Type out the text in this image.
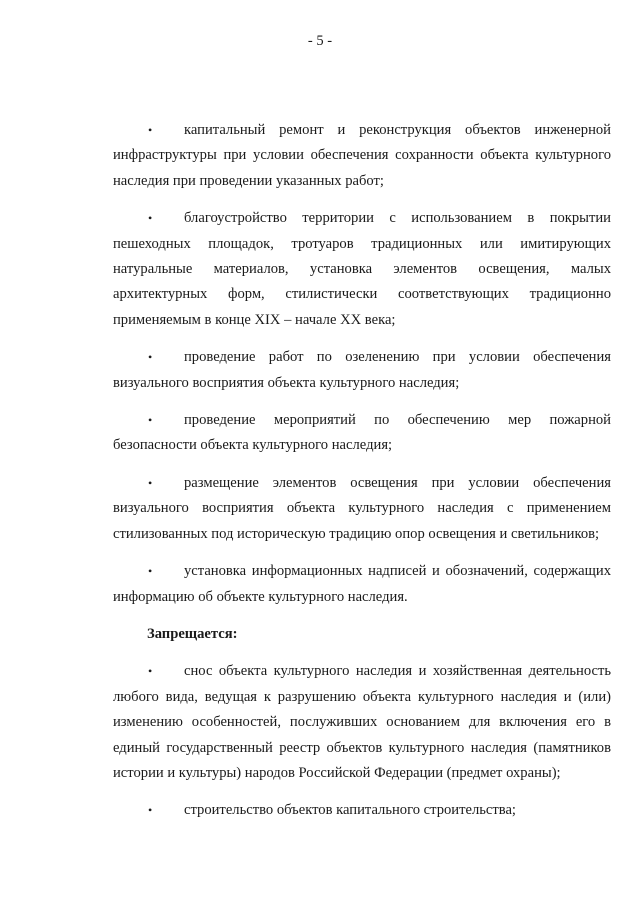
- 5 -

• капитальный ремонт и реконструкция объектов инженерной инфраструктуры при условии обеспечения сохранности объекта культурного наследия при проведении указанных работ;

• благоустройство территории с использованием в покрытии пешеходных площадок, тротуаров традиционных или имитирующих натуральные материалов, установка элементов освещения, малых архитектурных форм, стилистически соответствующих традиционно применяемым в конце XIX – начале XX века;

• проведение работ по озеленению при условии обеспечения визуального восприятия объекта культурного наследия;

• проведение мероприятий по обеспечению мер пожарной безопасности объекта культурного наследия;

• размещение элементов освещения при условии обеспечения визуального восприятия объекта культурного наследия с применением стилизованных под историческую традицию опор освещения и светильников;

• установка информационных надписей и обозначений, содержащих информацию об объекте культурного наследия.

Запрещается:

• снос объекта культурного наследия и хозяйственная деятельность любого вида, ведущая к разрушению объекта культурного наследия и (или) изменению особенностей, послуживших основанием для включения его в единый государственный реестр объектов культурного наследия (памятников истории и культуры) народов Российской Федерации (предмет охраны);

• строительство объектов капитального строительства;
